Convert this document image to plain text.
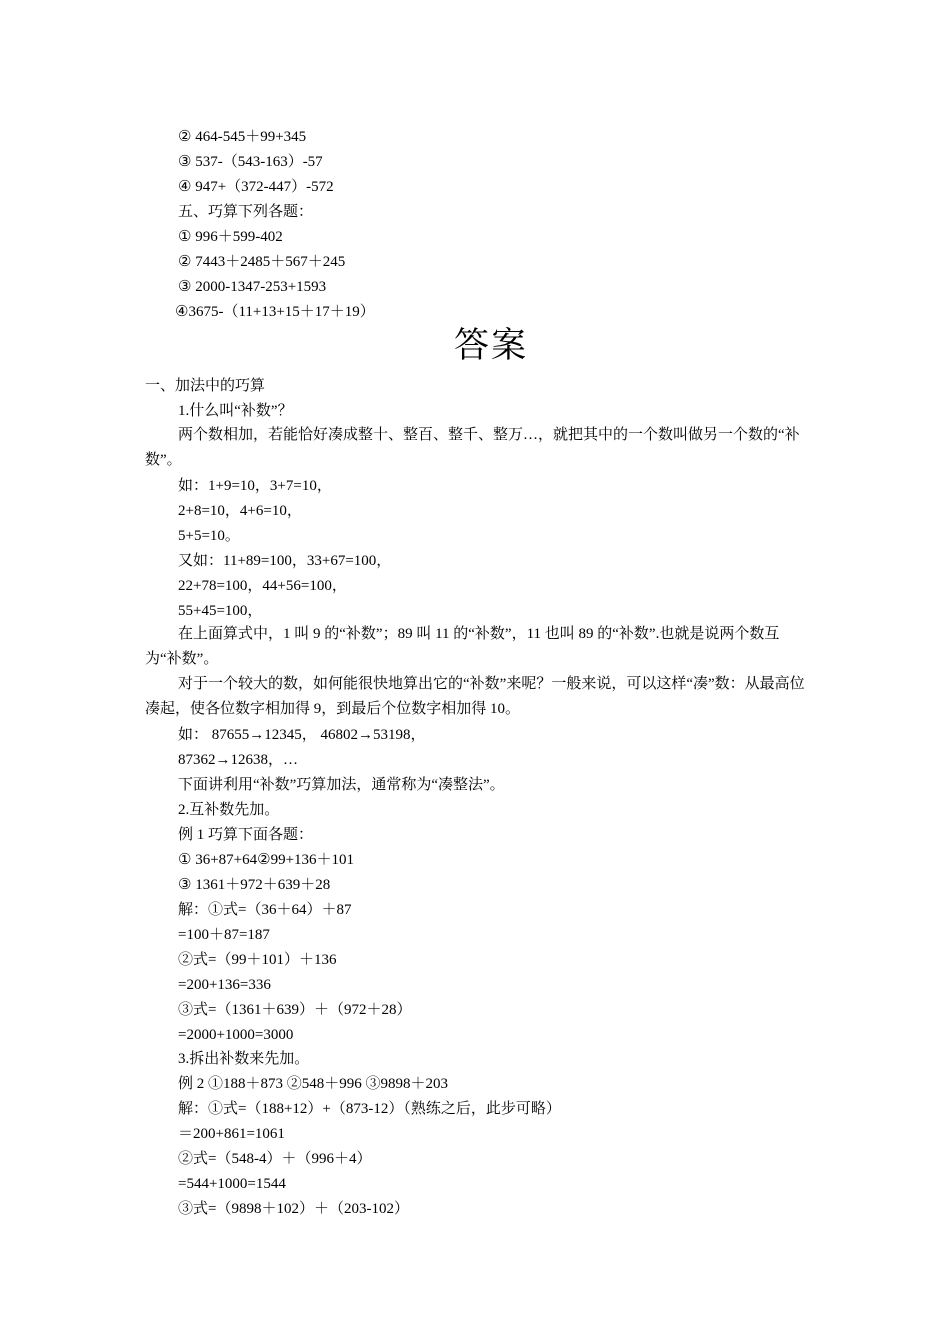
② 464-545＋99+345
③ 537-（543-163）-57
④ 947+（372-447）-572
五、巧算下列各题：
① 996＋599-402
② 7443＋2485＋567＋245
③ 2000-1347-253+1593
④3675-（11+13+15＋17＋19）
答案
一、加法中的巧算
1.什么叫“补数”？
两个数相加，若能恰好凑成整十、整百、整千、整万…，就把其中的一个数叫做另一个数的“补数”。
如：1+9=10，3+7=10，
2+8=10，4+6=10，
5+5=10。
又如：11+89=100，33+67=100，
22+78=100，44+56=100，
55+45=100，
在上面算式中，1 叫 9 的“补数”；89 叫 11 的“补数”，11 也叫 89 的“补数”.也就是说两个数互为“补数”。
对于一个较大的数，如何能很快地算出它的“补数”来呢？一般来说，可以这样“凑”数：从最高位凑起，使各位数字相加得 9，到最后个位数字相加得 10。
如： 87655→12345， 46802→53198，
87362→12638，…
下面讲利用“补数”巧算加法，通常称为“凑整法”。
2.互补数先加。
例 1 巧算下面各题：
① 36+87+64②99+136＋101
③ 1361＋972＋639＋28
解：①式=（36＋64）＋87
=100＋87=187
②式=（99＋101）＋136
=200+136=336
③式=（1361＋639）＋（972＋28）
=2000+1000=3000
3.拆出补数来先加。
例 2 ①188＋873 ②548＋996 ③9898＋203
解：①式=（188+12）+（873-12）（熟练之后，此步可略）
＝200+861=1061
②式=（548-4）＋（996＋4）
=544+1000=1544
③式=（9898＋102）＋（203-102）
